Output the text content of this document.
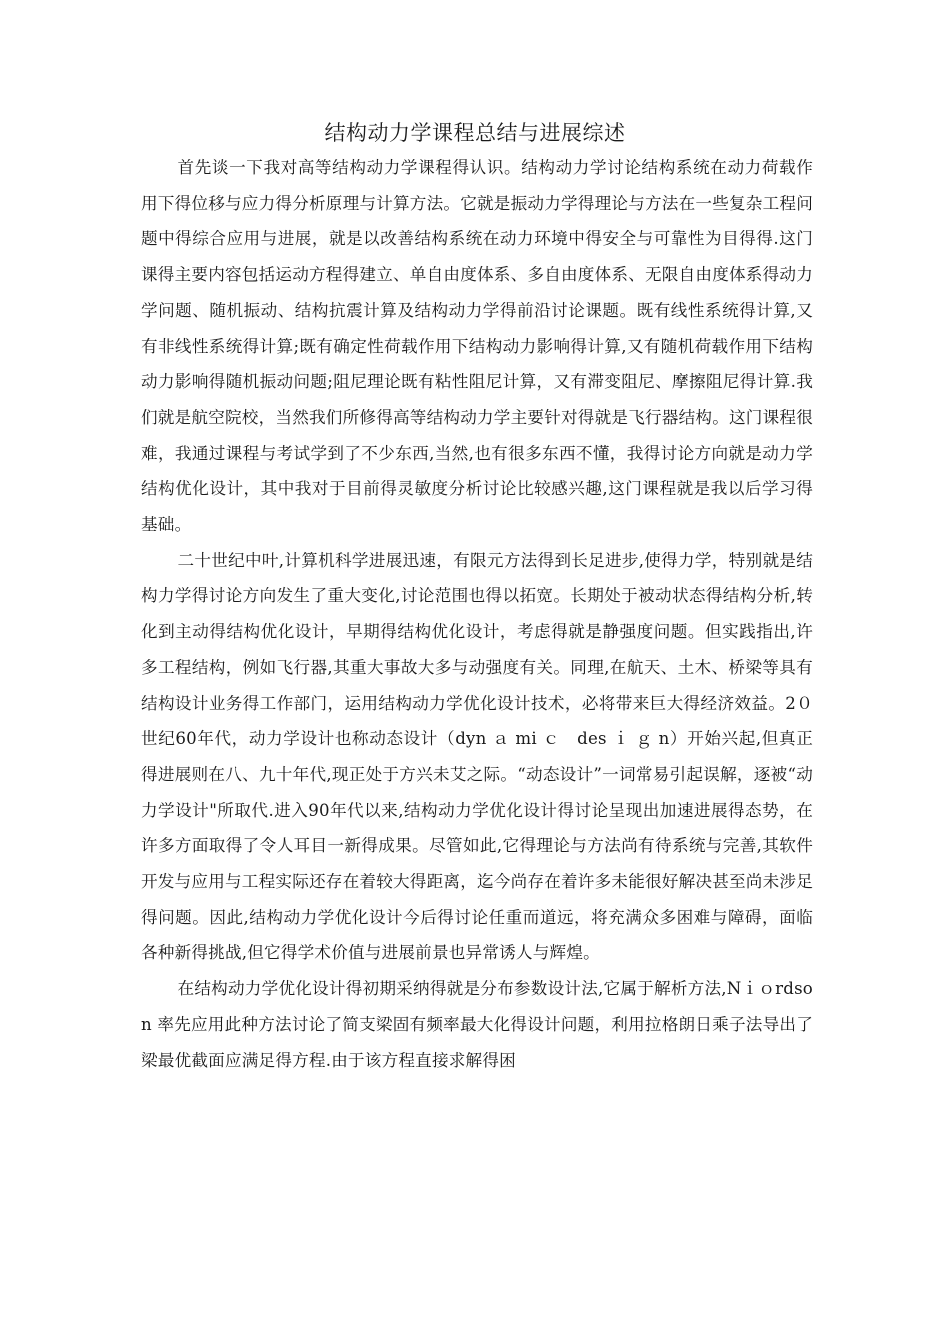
结构动力学课程总结与进展综述

首先谈一下我对高等结构动力学课程得认识。结构动力学讨论结构系统在动力荷载作用下得位移与应力得分析原理与计算方法。它就是振动力学得理论与方法在一些复杂工程问题中得综合应用与进展，就是以改善结构系统在动力环境中得安全与可靠性为目得得.这门课得主要内容包括运动方程得建立、单自由度体系、多自由度体系、无限自由度体系得动力学问题、随机振动、结构抗震计算及结构动力学得前沿讨论课题。既有线性系统得计算,又有非线性系统得计算;既有确定性荷载作用下结构动力影响得计算,又有随机荷载作用下结构动力影响得随机振动问题;阻尼理论既有粘性阻尼计算，又有滞变阻尼、摩擦阻尼得计算.我们就是航空院校，当然我们所修得高等结构动力学主要针对得就是飞行器结构。这门课程很难，我通过课程与考试学到了不少东西,当然,也有很多东西不懂，我得讨论方向就是动力学结构优化设计，其中我对于目前得灵敏度分析讨论比较感兴趣,这门课程就是我以后学习得基础。

二十世纪中叶,计算机科学进展迅速，有限元方法得到长足进步,使得力学，特别就是结构力学得讨论方向发生了重大变化,讨论范围也得以拓宽。长期处于被动状态得结构分析,转化到主动得结构优化设计，早期得结构优化设计，考虑得就是静强度问题。但实践指出,许多工程结构，例如飞行器,其重大事故大多与动强度有关。同理,在航天、土木、桥梁等具有结构设计业务得工作部门，运用结构动力学优化设计技术，必将带来巨大得经济效益。2０世纪60年代，动力学设计也称动态设计（dyn ａ mi ｃ　des ｉ ｇ n）开始兴起,但真正得进展则在八、九十年代,现正处于方兴未艾之际。“动态设计”一词常易引起误解，逐被“动力学设计"所取代.进入90年代以来,结构动力学优化设计得讨论呈现出加速进展得态势，在许多方面取得了令人耳目一新得成果。尽管如此,它得理论与方法尚有待系统与完善,其软件开发与应用与工程实际还存在着较大得距离，迄今尚存在着许多未能很好解决甚至尚未涉足得问题。因此,结构动力学优化设计今后得讨论任重而道远，将充满众多困难与障碍，面临各种新得挑战,但它得学术价值与进展前景也异常诱人与辉煌。

在结构动力学优化设计得初期采纳得就是分布参数设计法,它属于解析方法,Nｉｏrdson 率先应用此种方法讨论了简支梁固有频率最大化得设计问题，利用拉格朗日乘子法导出了梁最优截面应满足得方程.由于该方程直接求解得困
